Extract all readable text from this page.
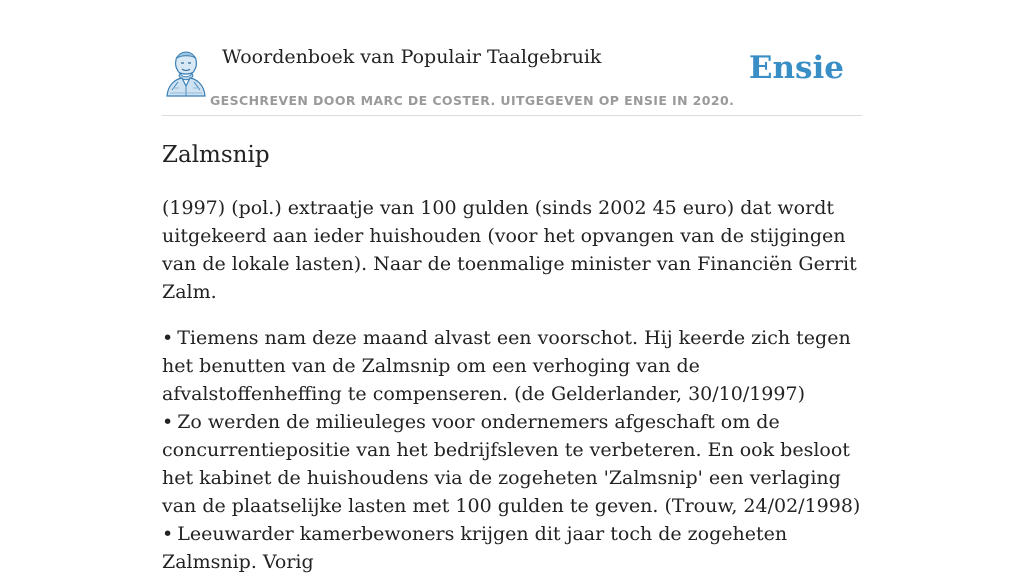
Woordenboek van Populair Taalgebruik
GESCHREVEN DOOR MARC DE COSTER. UITGEGEVEN OP ENSIE IN 2020.
Ensie
Zalmsnip

(1997) (pol.) extraatje van 100 gulden (sinds 2002 45 euro) dat wordt uitgekeerd aan ieder huishouden (voor het opvangen van de stijgingen van de lokale lasten). Naar de toenmalige minister van Financiën Gerrit Zalm.

• Tiemens nam deze maand alvast een voorschot. Hij keerde zich tegen het benutten van de Zalmsnip om een verhoging van de afvalstoffenheffing te compenseren. (de Gelderlander, 30/10/1997)

• Zo werden de milieuleges voor ondernemers afgeschaft om de concurrentiepositie van het bedrijfsleven te verbeteren. En ook besloot het kabinet de huishoudens via de zogeheten 'Zalmsnip' een verlaging van de plaatselijke lasten met 100 gulden te geven. (Trouw, 24/02/1998)

• Leeuwarder kamerbewoners krijgen dit jaar toch de zogeheten Zalmsnip. Vorig
